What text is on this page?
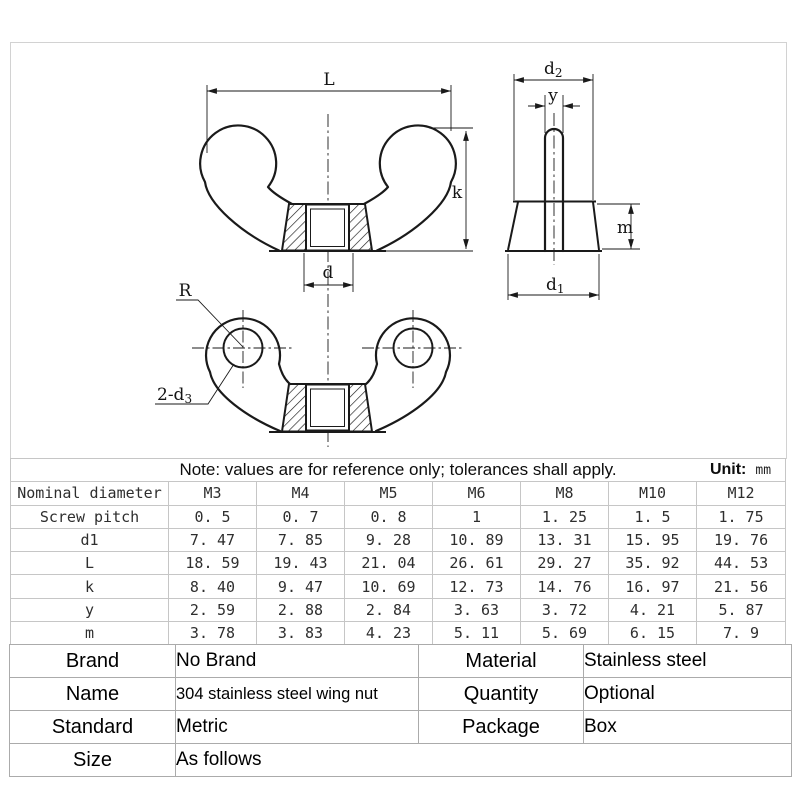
L
k
d
d2
y
m
d1
R
2-d3
Note: values are for reference only; tolerances shall apply. Unit: mm							

Nominal diameter	M3	M4	M5	M6	M8	M10	M12
Screw pitch	0. 5	0. 7	0. 8	1	1. 25	1. 5	1. 75
d1	7. 47	7. 85	9. 28	10. 89	13. 31	15. 95	19. 76
L	18. 59	19. 43	21. 04	26. 61	29. 27	35. 92	44. 53
k	8. 40	9. 47	10. 69	12. 73	14. 76	16. 97	21. 56
y	2. 59	2. 88	2. 84	3. 63	3. 72	4. 21	5. 87
m	3. 78	3. 83	4. 23	5. 11	5. 69	6. 15	7. 9
Brand	No Brand	Material	Stainless steel
Name	304 stainless steel wing nut	Quantity	Optional
Standard	Metric	Package	Box
Size	As follows		
